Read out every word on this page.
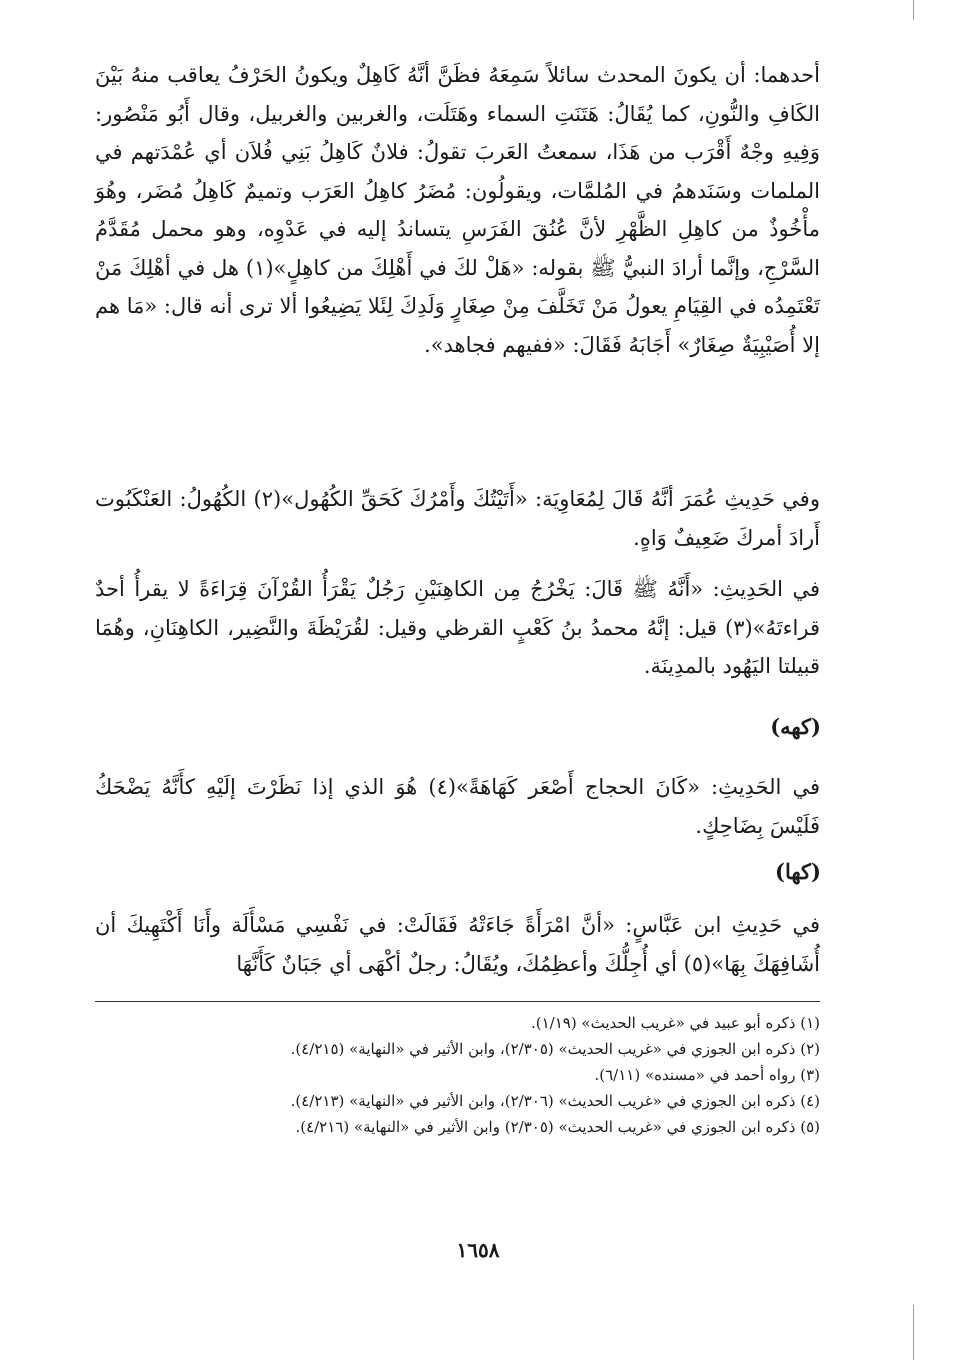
أحدهما: أن يكونَ المحدث سائلاً سَمِعَهُ فظَنَّ أنَّهُ كَاهِلٌ ويكونُ الحَرْفُ يعاقب منهُ بَيْنَ الكَافِ والنُّونِ، كما يُقَالُ: هَتَنَتِ السماء وهَتَلَت، والغربين والغربيل، وقال أَبُو مَنْصُور: وَفِيهِ وجْهٌ أَقْرَب من هَذَا، سمعتُ العَربَ تقولُ: فلانٌ كَاهِلُ بَنِي فُلاَن أي عُمْدَتهم في الملمات وسَنَدهمُ في المُلمَّات، ويقولُون: مُضَرُ كاهِلُ العَرَب وتميمٌ كَاهِلُ مُضَر، وهُوَ مأْخُوذٌ من كاهِلِ الظَّهْرِ لأنَّ عُنُقَ الفَرَسِ يتساندُ إليه في عَدْوِه، وهو محمل مُقَدَّمُ السَّرْجِ، وإنَّما أرادَ النبيُّ ﷺ بقوله: «هَلْ لكَ في أَهْلِكَ من كاهِلٍ»(١) هل في أهْلِكَ مَنْ تَعْتَمِدُه في القِيَامِ يعولُ مَنْ تَخَلَّفَ مِنْ صِغَارٍ وَلَدِكَ لِئَلا يَضِيعُوا ألا ترى أنه قال: «مَا هم إلا أُصَيْبِيَةٌ صِغَارٌ» أَجَابَهُ فَقَالَ: «ففيهم فجاهد».

وفي حَدِيثِ عُمَرَ أنَّهُ قَالَ لِمُعَاوِيَة: «أَتَيْتُكَ وأَمْرُكَ كَحَقِّ الكُهُول»(٢) الكُهُولُ: العَنْكَبُوت أَرادَ أمركَ ضَعِيفٌ وَاهٍ.

في الحَدِيثِ: «أَنَّهُ ﷺ قَالَ: يَخْرُجُ مِن الكاهِنَيْنِ رَجُلٌ يَقْرَأُ القُرْآنَ قِرَاءَةً لا يقرأُ أحدٌ قراءتَهُ»(٣) قيل: إنَّهُ محمدُ بنُ كَعْبٍ القرظي وقيل: لقُرَيْظَةَ والنَّضِير، الكاهِنَانِ، وهُمَا قبيلتا اليَهُود بالمدِينَة.

(كهه)

في الحَدِيثِ: «كَانَ الحجاج أَصْعَر كَهَاهَةً»(٤) هُوَ الذي إذا نَظَرْتَ إلَيْهِ كأَنَّهُ يَضْحَكُ فَلَيْسَ بِضَاحِكٍ.

(كها)

في حَدِيثِ ابن عَبَّاسٍ: «أنَّ امْرَأَةً جَاءَتْهُ فَقَالَتْ: في نَفْسِي مَسْأَلَة وأَنَا أَكْتَهِيكَ أن أُشَافِهَكَ بِهَا»(٥) أي أُجِلُّكَ وأعظِمُكَ، ويُقَالُ: رجلٌ أكْهَى أي جَبَانٌ كَأَنَّهَا

(١) ذكره أبو عبيد في «غريب الحديث» (١/١٩).

(٢) ذكره ابن الجوزي في «غريب الحديث» (٢/٣٠٥)، وابن الأثير في «النهاية» (٤/٢١٥).

(٣) رواه أحمد في «مسنده» (٦/١١).

(٤) ذكره ابن الجوزي في «غريب الحديث» (٢/٣٠٦)، وابن الأثير في «النهاية» (٤/٢١٣).

(٥) ذكره ابن الجوزي في «غريب الحديث» (٢/٣٠٥) وابن الأثير في «النهاية» (٤/٢١٦).

١٦٥٨
